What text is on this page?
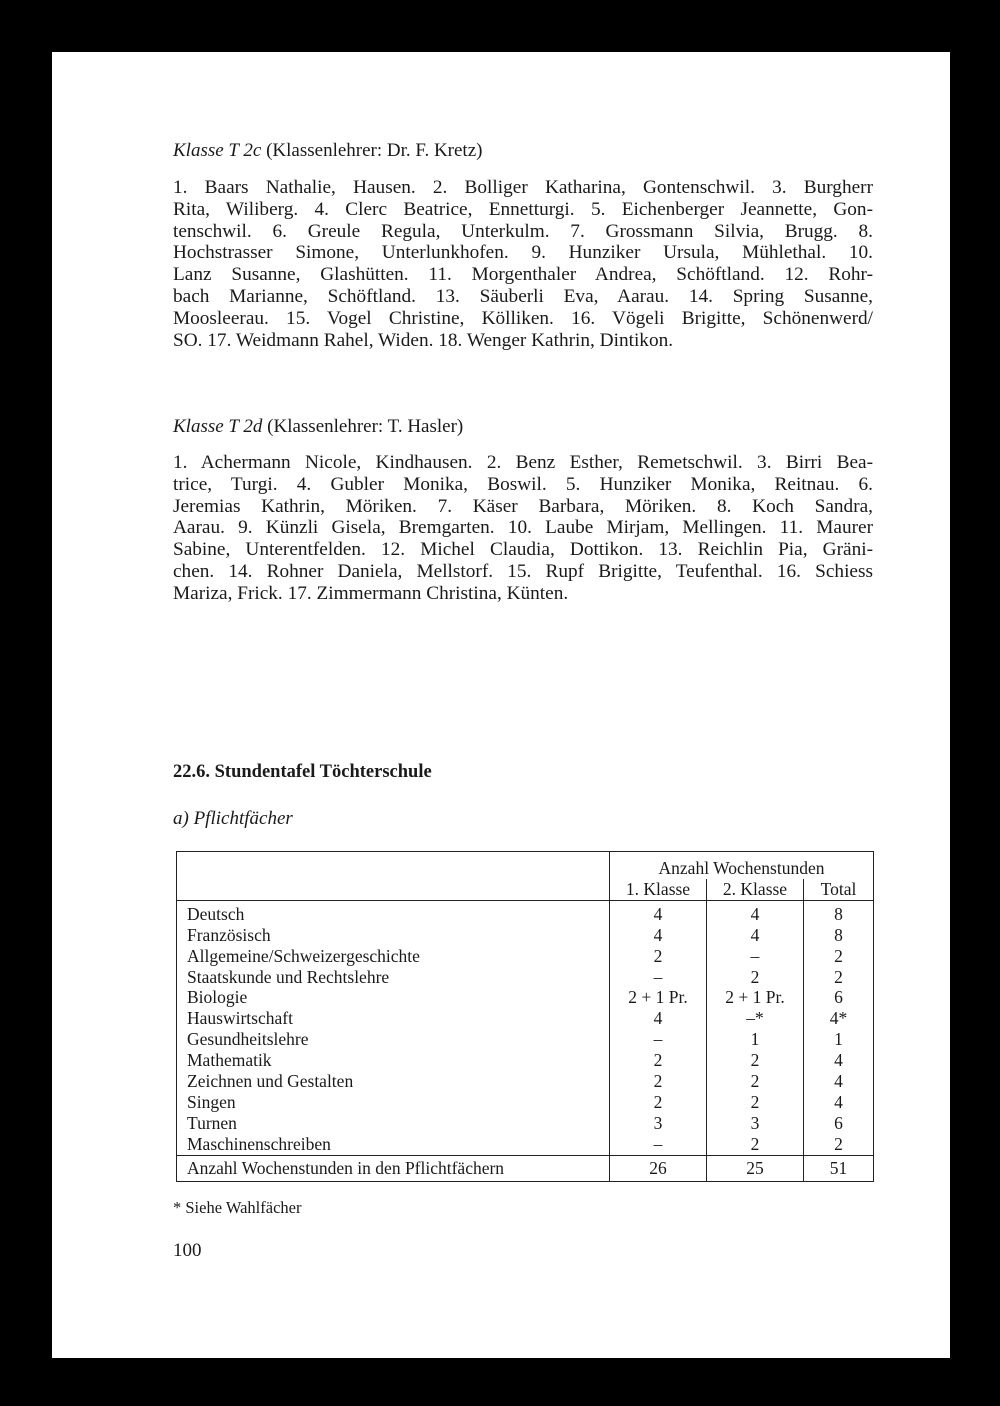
Klasse T 2c (Klassenlehrer: Dr. F. Kretz)
1. Baars Nathalie, Hausen. 2. Bolliger Katharina, Gontenschwil. 3. Burgherr
Rita, Wiliberg. 4. Clerc Beatrice, Ennetturgi. 5. Eichenberger Jeannette, Gon-
tenschwil. 6. Greule Regula, Unterkulm. 7. Grossmann Silvia, Brugg. 8.
Hochstrasser Simone, Unterlunkhofen. 9. Hunziker Ursula, Mühlethal. 10.
Lanz Susanne, Glashütten. 11. Morgenthaler Andrea, Schöftland. 12. Rohr-
bach Marianne, Schöftland. 13. Säuberli Eva, Aarau. 14. Spring Susanne,
Moosleerau. 15. Vogel Christine, Kölliken. 16. Vögeli Brigitte, Schönenwerd/
SO. 17. Weidmann Rahel, Widen. 18. Wenger Kathrin, Dintikon.
Klasse T 2d (Klassenlehrer: T. Hasler)
1. Achermann Nicole, Kindhausen. 2. Benz Esther, Remetschwil. 3. Birri Bea-
trice, Turgi. 4. Gubler Monika, Boswil. 5. Hunziker Monika, Reitnau. 6.
Jeremias Kathrin, Möriken. 7. Käser Barbara, Möriken. 8. Koch Sandra,
Aarau. 9. Künzli Gisela, Bremgarten. 10. Laube Mirjam, Mellingen. 11. Maurer
Sabine, Unterentfelden. 12. Michel Claudia, Dottikon. 13. Reichlin Pia, Gräni-
chen. 14. Rohner Daniela, Mellstorf. 15. Rupf Brigitte, Teufenthal. 16. Schiess
Mariza, Frick. 17. Zimmermann Christina, Künten.
22.6. Stundentafel Töchterschule
a) Pflichtfächer
	Anzahl Wochenstunden		
	1. Klasse	2. Klasse	Total
Deutsch	4	4	8
Französisch	4	4	8
Allgemeine/Schweizergeschichte	2	–	2
Staatskunde und Rechtslehre	–	2	2
Biologie	2 + 1 Pr.	2 + 1 Pr.	6
Hauswirtschaft	4	–*	4*
Gesundheitslehre	–	1	1
Mathematik	2	2	4
Zeichnen und Gestalten	2	2	4
Singen	2	2	4
Turnen	3	3	6
Maschinenschreiben	–	2	2
Anzahl Wochenstunden in den Pflichtfächern	26	25	51
* Siehe Wahlfächer
100
